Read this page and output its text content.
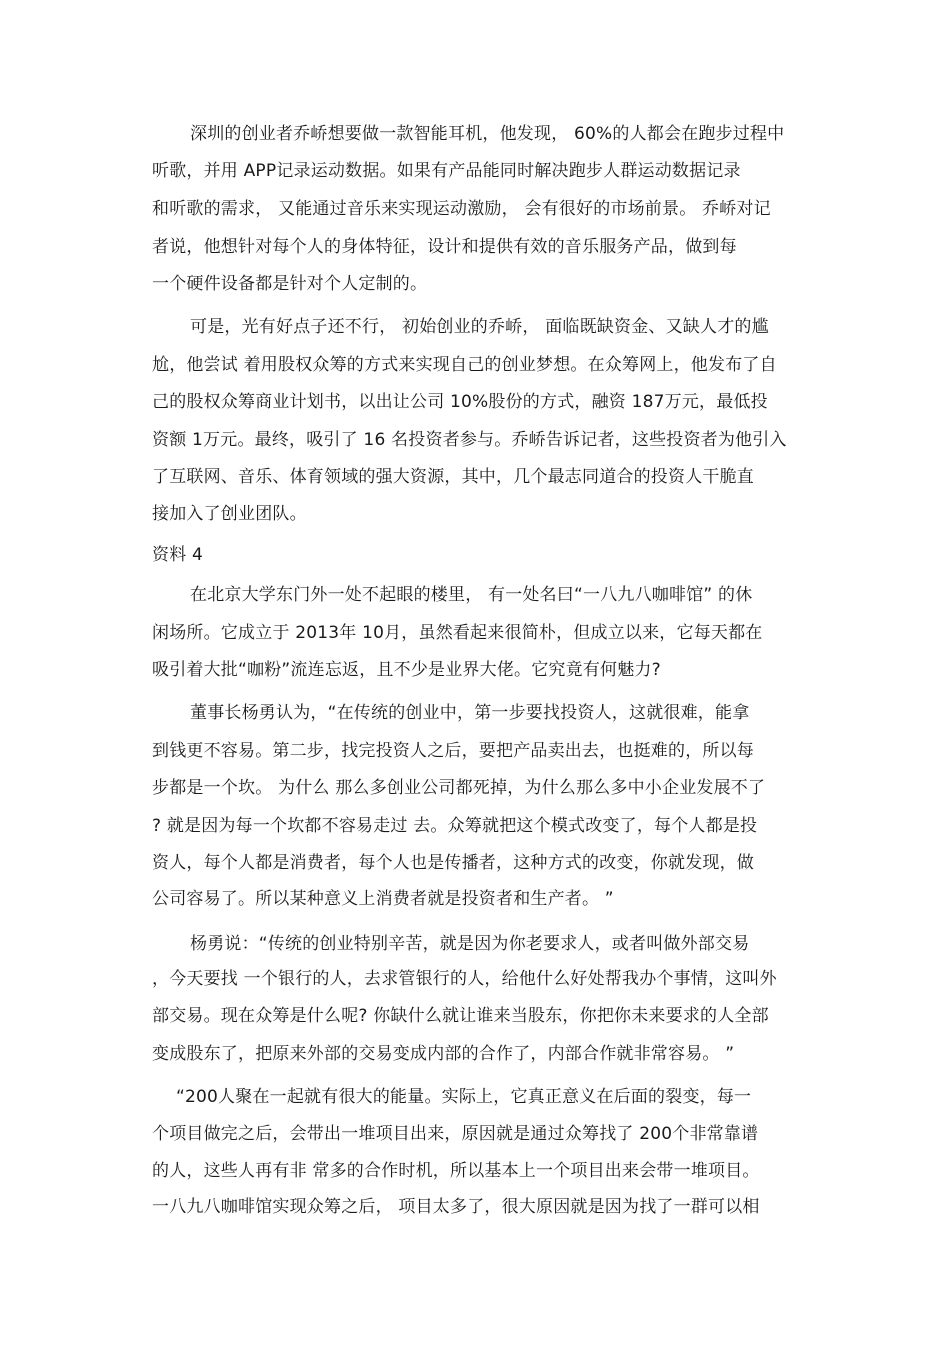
深圳的创业者乔峤想要做一款智能耳机，他发现， 60%的人都会在跑步过程中
听歌，并用 APP记录运动数据。如果有产品能同时解决跑步人群运动数据记录
和听歌的需求， 又能通过音乐来实现运动激励， 会有很好的市场前景。 乔峤对记
者说，他想针对每个人的身体特征，设计和提供有效的音乐服务产品，做到每
一个硬件设备都是针对个人定制的。
可是，光有好点子还不行， 初始创业的乔峤， 面临既缺资金、又缺人才的尴
尬，他尝试 着用股权众筹的方式来实现自己的创业梦想。在众筹网上，他发布了自
己的股权众筹商业计划书，以出让公司 10%股份的方式，融资 187万元，最低投
资额 1万元。最终，吸引了 16 名投资者参与。乔峤告诉记者，这些投资者为他引入
了互联网、音乐、体育领域的强大资源，其中，几个最志同道合的投资人干脆直
接加入了创业团队。
资料 4
在北京大学东门外一处不起眼的楼里， 有一处名曰“一八九八咖啡馆” 的休
闲场所。它成立于 2013年 10月，虽然看起来很简朴，但成立以来，它每天都在
吸引着大批“咖粉”流连忘返，且不少是业界大佬。它究竟有何魅力?
董事长杨勇认为，“在传统的创业中，第一步要找投资人，这就很难，能拿
到钱更不容易。第二步，找完投资人之后，要把产品卖出去，也挺难的，所以每
步都是一个坎。 为什么 那么多创业公司都死掉，为什么那么多中小企业发展不了
? 就是因为每一个坎都不容易走过 去。众筹就把这个模式改变了，每个人都是投
资人，每个人都是消费者，每个人也是传播者，这种方式的改变，你就发现，做
公司容易了。所以某种意义上消费者就是投资者和生产者。 ”
杨勇说：“传统的创业特别辛苦，就是因为你老要求人，或者叫做外部交易
，今天要找 一个银行的人，去求管银行的人，给他什么好处帮我办个事情，这叫外
部交易。现在众筹是什么呢? 你缺什么就让谁来当股东，你把你未来要求的人全部
变成股东了，把原来外部的交易变成内部的合作了，内部合作就非常容易。 ”
“200人聚在一起就有很大的能量。实际上，它真正意义在后面的裂变，每一
个项目做完之后，会带出一堆项目出来，原因就是通过众筹找了 200个非常靠谱
的人，这些人再有非 常多的合作时机，所以基本上一个项目出来会带一堆项目。
一八九八咖啡馆实现众筹之后， 项目太多了，很大原因就是因为找了一群可以相
